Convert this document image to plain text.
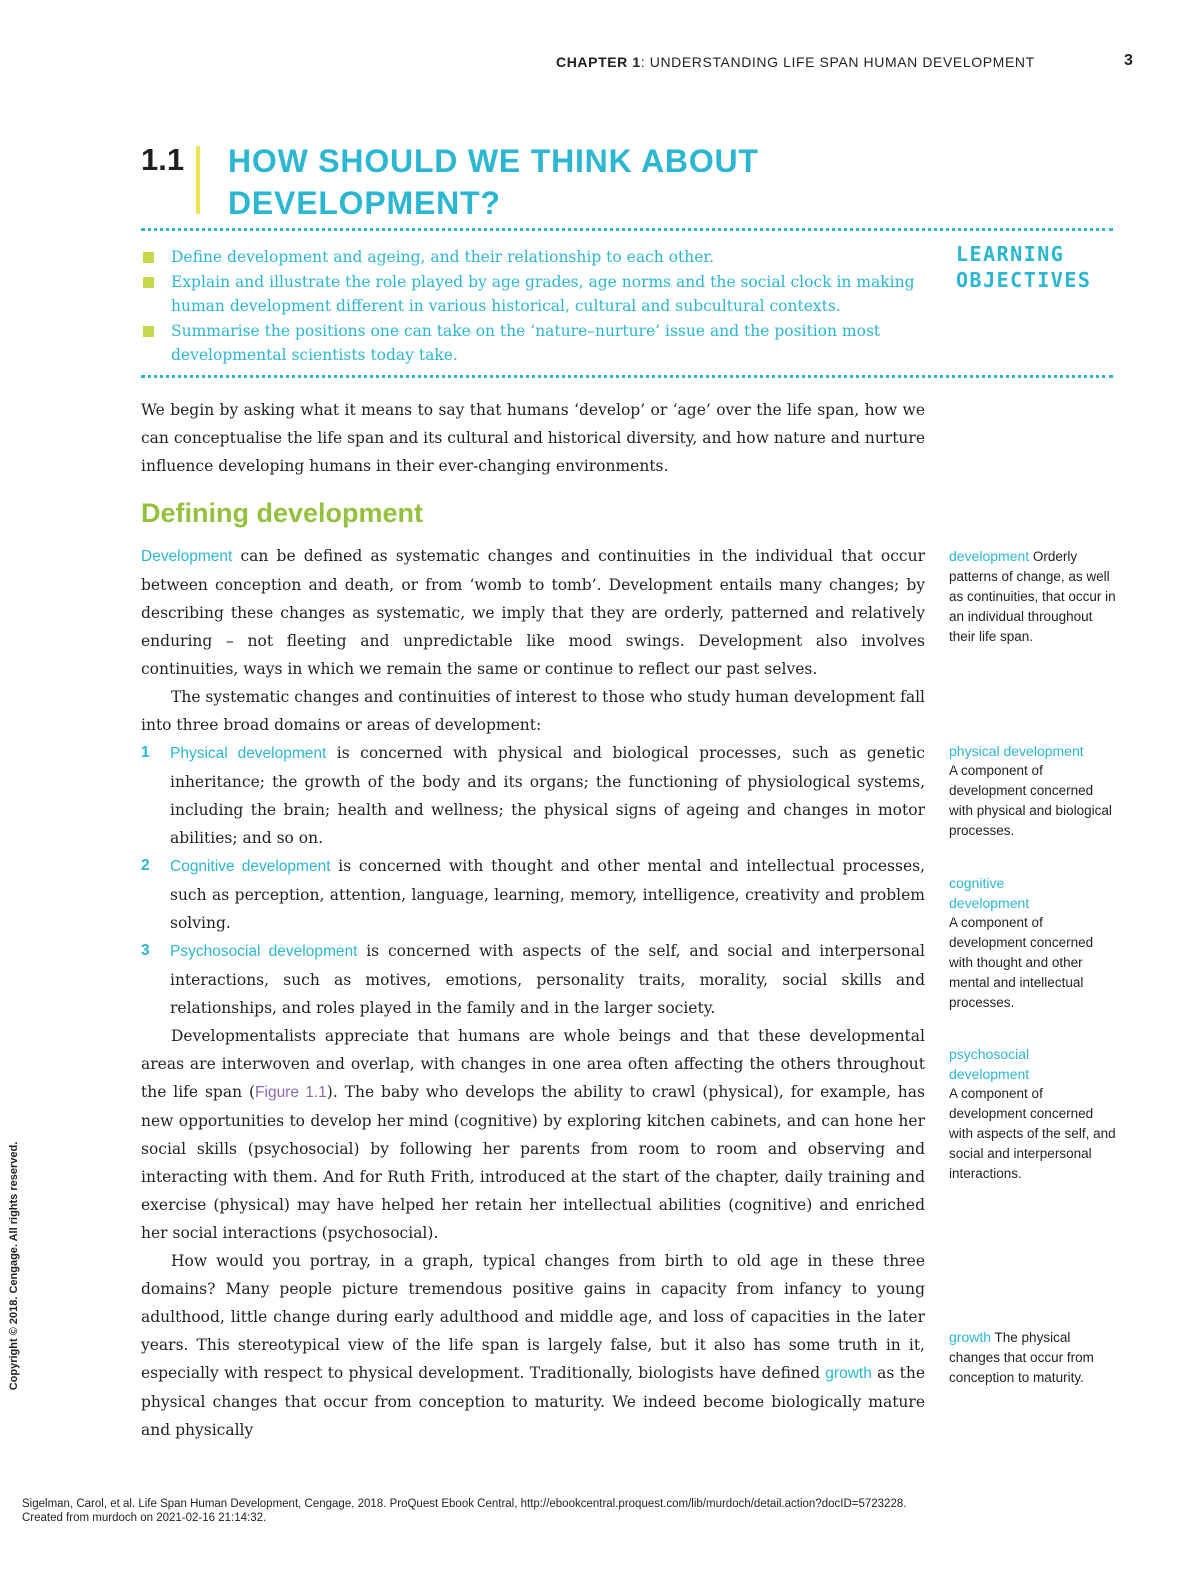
CHAPTER 1: UNDERSTANDING LIFE SPAN HUMAN DEVELOPMENT	3
1.1 HOW SHOULD WE THINK ABOUT DEVELOPMENT?
Define development and ageing, and their relationship to each other.
Explain and illustrate the role played by age grades, age norms and the social clock in making human development different in various historical, cultural and subcultural contexts.
Summarise the positions one can take on the ‘nature–nurture’ issue and the position most developmental scientists today take.
LEARNING
OBJECTIVES

We begin by asking what it means to say that humans ‘develop’ or ‘age’ over the life span, how we can conceptualise the life span and its cultural and historical diversity, and how nature and nurture influence developing humans in their ever-changing environments.

Defining development

Development can be defined as systematic changes and continuities in the individual that occur between conception and death, or from ‘womb to tomb’. Development entails many changes; by describing these changes as systematic, we imply that they are orderly, patterned and relatively enduring – not fleeting and unpredictable like mood swings. Development also involves continuities, ways in which we remain the same or continue to reflect our past selves.

The systematic changes and continuities of interest to those who study human development fall into three broad domains or areas of development:

1 Physical development is concerned with physical and biological processes, such as genetic inheritance; the growth of the body and its organs; the functioning of physiological systems, including the brain; health and wellness; the physical signs of ageing and changes in motor abilities; and so on.
2 Cognitive development is concerned with thought and other mental and intellectual processes, such as perception, attention, language, learning, memory, intelligence, creativity and problem solving.
3 Psychosocial development is concerned with aspects of the self, and social and interpersonal interactions, such as motives, emotions, personality traits, morality, social skills and relationships, and roles played in the family and in the larger society.

Developmentalists appreciate that humans are whole beings and that these developmental areas are interwoven and overlap, with changes in one area often affecting the others throughout the life span (Figure 1.1). The baby who develops the ability to crawl (physical), for example, has new opportunities to develop her mind (cognitive) by exploring kitchen cabinets, and can hone her social skills (psychosocial) by following her parents from room to room and observing and interacting with them. And for Ruth Frith, introduced at the start of the chapter, daily training and exercise (physical) may have helped her retain her intellectual abilities (cognitive) and enriched her social interactions (psychosocial).

How would you portray, in a graph, typical changes from birth to old age in these three domains? Many people picture tremendous positive gains in capacity from infancy to young adulthood, little change during early adulthood and middle age, and loss of capacities in the later years. This stereotypical view of the life span is largely false, but it also has some truth in it, especially with respect to physical development. Traditionally, biologists have defined growth as the physical changes that occur from conception to maturity. We indeed become biologically mature and physically

development Orderly patterns of change, as well as continuities, that occur in an individual throughout their life span.
physical development
A component of development concerned with physical and biological processes.
cognitive development
A component of development concerned with thought and other mental and intellectual processes.
psychosocial development
A component of development concerned with aspects of the self, and social and interpersonal interactions.
growth The physical changes that occur from conception to maturity.
Copyright © 2018. Cengage. All rights reserved.
Sigelman, Carol, et al. Life Span Human Development, Cengage, 2018. ProQuest Ebook Central, http://ebookcentral.proquest.com/lib/murdoch/detail.action?docID=5723228.
Created from murdoch on 2021-02-16 21:14:32.
